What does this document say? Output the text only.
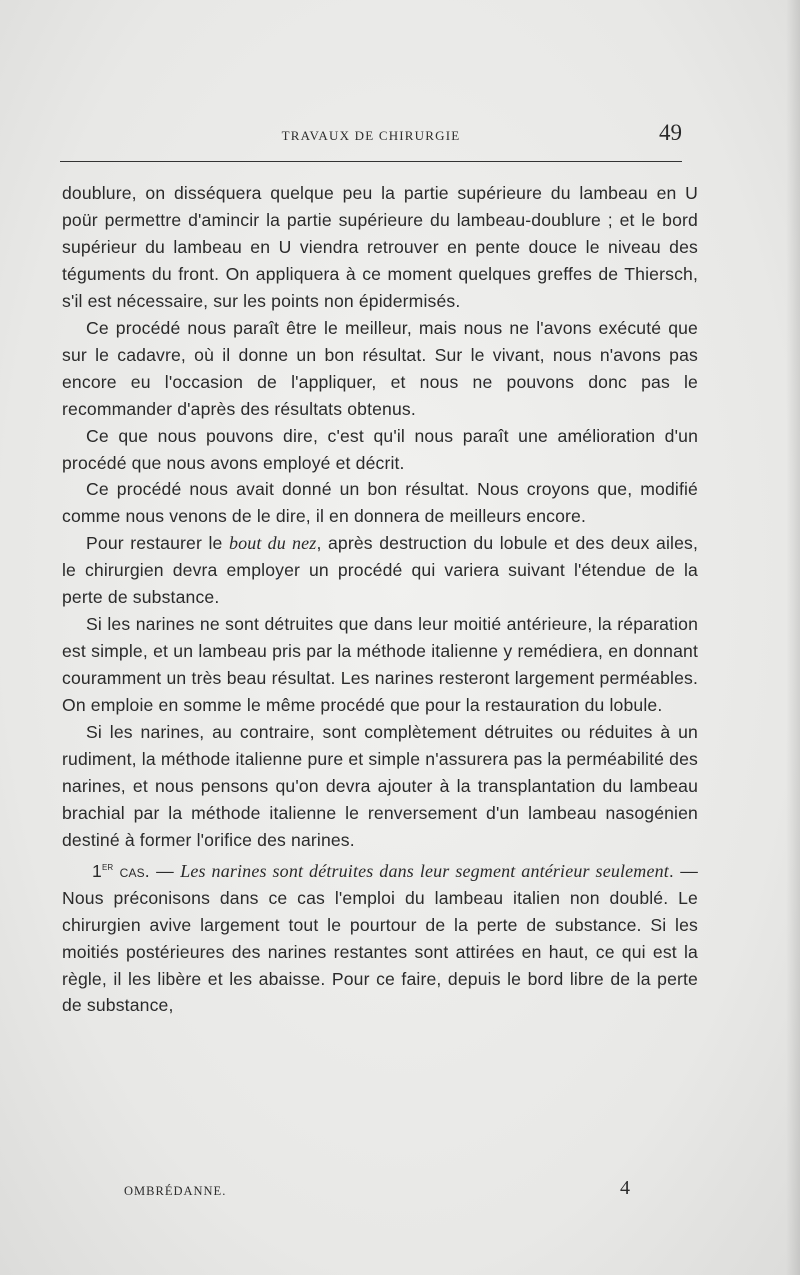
TRAVAUX DE CHIRURGIE	49

doublure, on disséquera quelque peu la partie supérieure du lambeau en U poür permettre d'amincir la partie supérieure du lambeau-doublure ; et le bord supérieur du lambeau en U viendra retrouver en pente douce le niveau des téguments du front. On appliquera à ce moment quelques greffes de Thiersch, s'il est nécessaire, sur les points non épidermisés.

Ce procédé nous paraît être le meilleur, mais nous ne l'avons exécuté que sur le cadavre, où il donne un bon résultat. Sur le vivant, nous n'avons pas encore eu l'occasion de l'appliquer, et nous ne pouvons donc pas le recommander d'après des résultats obtenus.

Ce que nous pouvons dire, c'est qu'il nous paraît une amélioration d'un procédé que nous avons employé et décrit.

Ce procédé nous avait donné un bon résultat. Nous croyons que, modifié comme nous venons de le dire, il en donnera de meilleurs encore.

Pour restaurer le bout du nez, après destruction du lobule et des deux ailes, le chirurgien devra employer un procédé qui variera suivant l'étendue de la perte de substance.

Si les narines ne sont détruites que dans leur moitié antérieure, la réparation est simple, et un lambeau pris par la méthode italienne y remédiera, en donnant couramment un très beau résultat. Les narines resteront largement perméables. On emploie en somme le même procédé que pour la restauration du lobule.

Si les narines, au contraire, sont complètement détruites ou réduites à un rudiment, la méthode italienne pure et simple n'assurera pas la perméabilité des narines, et nous pensons qu'on devra ajouter à la transplantation du lambeau brachial par la méthode italienne le renversement d'un lambeau nasogénien destiné à former l'orifice des narines.

1er cas. — Les narines sont détruites dans leur segment antérieur seulement. — Nous préconisons dans ce cas l'emploi du lambeau italien non doublé. Le chirurgien avive largement tout le pourtour de la perte de substance. Si les moitiés postérieures des narines restantes sont attirées en haut, ce qui est la règle, il les libère et les abaisse. Pour ce faire, depuis le bord libre de la perte de substance,

OMBRÉDANNE.	4
